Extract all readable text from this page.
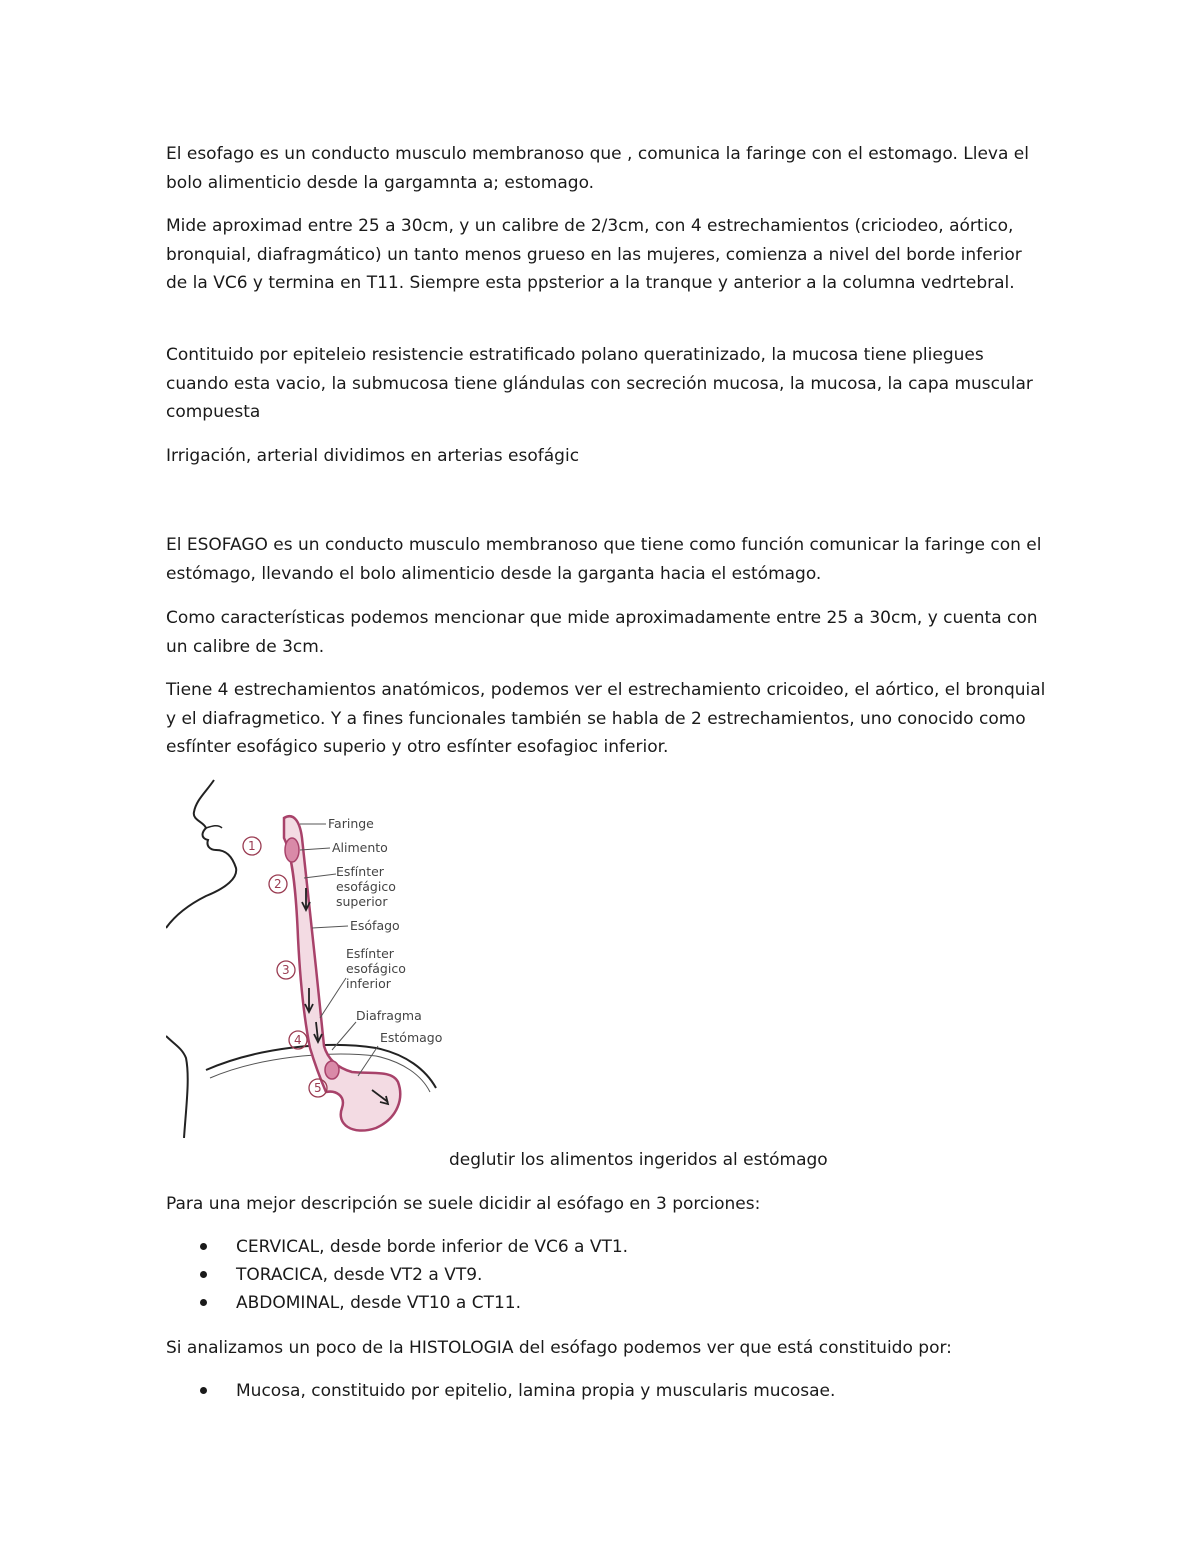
El esofago es un conducto musculo membranoso que , comunica la faringe con el estomago. Lleva el bolo alimenticio desde la gargamnta a; estomago.

Mide aproximad entre 25 a 30cm, y un calibre de 2/3cm, con 4 estrechamientos (criciodeo, aórtico, bronquial, diafragmático) un tanto menos grueso en las mujeres, comienza a nivel del borde inferior de la VC6 y termina en T11. Siempre esta ppsterior a la tranque y anterior a la columna vedrtebral.

Contituido por epiteleio resistencie estratificado polano queratinizado, la mucosa tiene pliegues cuando esta vacio, la submucosa tiene glándulas con secreción mucosa, la mucosa, la capa muscular compuesta

Irrigación, arterial dividimos en arterias esofágic

El ESOFAGO es un conducto musculo membranoso que tiene como función comunicar la faringe con el estómago, llevando el bolo alimenticio desde la garganta hacia el estómago.

Como características podemos mencionar que mide aproximadamente entre 25 a 30cm, y cuenta con un calibre de 3cm.

Tiene 4 estrechamientos anatómicos, podemos ver el estrechamiento cricoideo, el aórtico, el bronquial y el diafragmetico. Y a fines funcionales también se habla de 2 estrechamientos, uno conocido como esfínter esofágico superio y otro esfínter esofagioc inferior.

Faringe
Alimento
Esfínter
esofágico
superior
Esófago
Esfínter
esofágico
inferior
Diafragma
Estómago
1
2
3
4
5
deglutir los alimentos ingeridos al estómago

Para una mejor descripción se suele dicidir al esófago en 3 porciones:

CERVICAL, desde borde inferior de VC6 a VT1.
TORACICA, desde VT2 a VT9.
ABDOMINAL, desde VT10 a CT11.

Si analizamos un poco de la HISTOLOGIA del esófago podemos ver que está constituido por:

Mucosa, constituido por epitelio, lamina propia y muscularis mucosae.
